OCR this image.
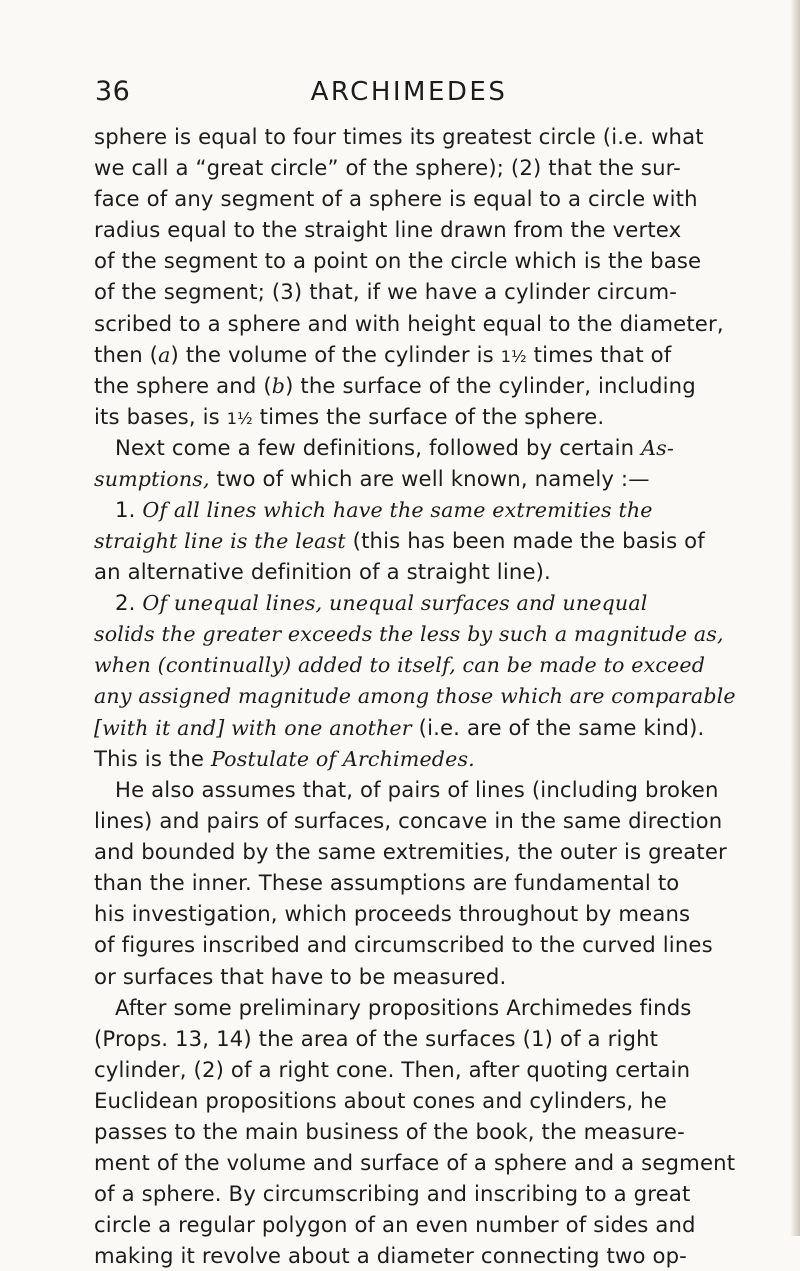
36	ARCHIMEDES
sphere is equal to four times its greatest circle (i.e. what
we call a “great circle” of the sphere); (2) that the sur-
face of any segment of a sphere is equal to a circle with
radius equal to the straight line drawn from the vertex
of the segment to a point on the circle which is the base
of the segment; (3) that, if we have a cylinder circum-
scribed to a sphere and with height equal to the diameter,
then (a) the volume of the cylinder is 1½ times that of
the sphere and (b) the surface of the cylinder, including
its bases, is 1½ times the surface of the sphere.
Next come a few definitions, followed by certain As-
sumptions, two of which are well known, namely :—
1. Of all lines which have the same extremities the
straight line is the least (this has been made the basis of
an alternative definition of a straight line).
2. Of unequal lines, unequal surfaces and unequal
solids the greater exceeds the less by such a magnitude as,
when (continually) added to itself, can be made to exceed
any assigned magnitude among those which are comparable
[with it and] with one another (i.e. are of the same kind).
This is the Postulate of Archimedes.
He also assumes that, of pairs of lines (including broken
lines) and pairs of surfaces, concave in the same direction
and bounded by the same extremities, the outer is greater
than the inner. These assumptions are fundamental to
his investigation, which proceeds throughout by means
of figures inscribed and circumscribed to the curved lines
or surfaces that have to be measured.
After some preliminary propositions Archimedes finds
(Props. 13, 14) the area of the surfaces (1) of a right
cylinder, (2) of a right cone. Then, after quoting certain
Euclidean propositions about cones and cylinders, he
passes to the main business of the book, the measure-
ment of the volume and surface of a sphere and a segment
of a sphere. By circumscribing and inscribing to a great
circle a regular polygon of an even number of sides and
making it revolve about a diameter connecting two op-
